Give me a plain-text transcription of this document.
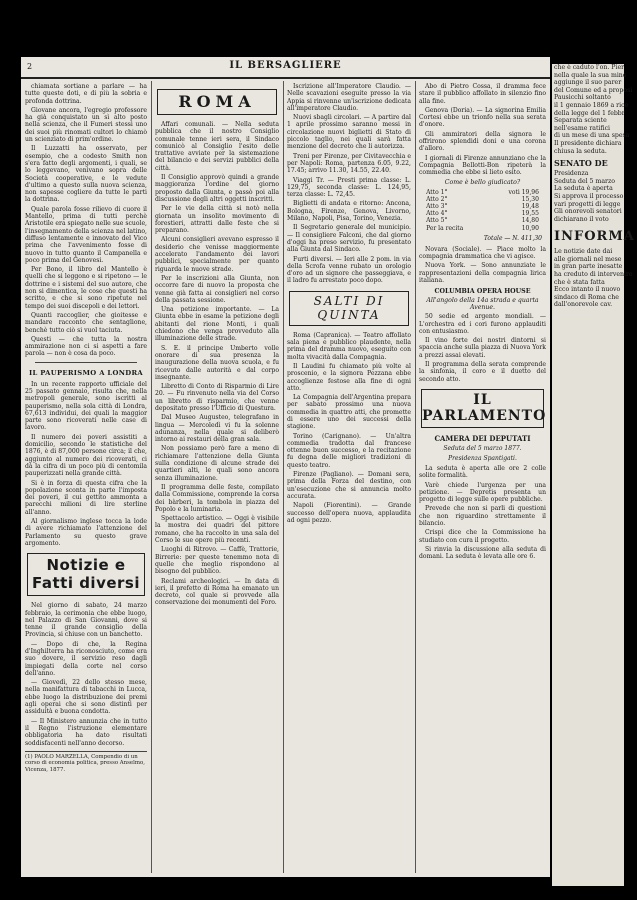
2	IL BERSAGLIERE

chiamata sortiane a parlare — ha tutte queste doti, e di più la sobria e profonda dottrina.

Giovane ancora, l'egregio professore ha già conquistato un sì alto posto nella scienza, che il Fumeri stessi uno dei suoi più rinomati cultori lo chiamò un scienziato di prim'ordine.

Il Luzzatti ha osservato, per esempio, che a codesto Smith non s'era fatto degli argomenti, i quali, se lo leggevano, venivano sopra delle Società cooperative, e le vedute d'ultimo a questo sulla nuova scienza, non sapesse cogliere da tutte le parti la dottrina.

Quale parola fosse rilievo di cuore il Mantello, prima di tutti perchè Aristotile era spiegato nelle sue scuole, l'insegnamento della scienza nel latino, diffuso lentamente e innovato del Vico prima che l'avvenimento fosse di nuovo in tutto quanto il Campanella e poco prima del Genovesi.

Per Bono, il libro del Mantello è quelli che si leggono e si ripetono — le dottrine e i sistemi del suo autore, che non si dimentica, le cose che questi ha scritto, e che si sono ripetute nel tempo dei suoi discepoli e dei lettori.

Quanti raccoglier, che gioitesse e mandare racconto che sentaglione, benchè tutto ciò si vuol taciuta.

Questi — che tutta la nostra ammirazione non ci si aspetti a fare parola — non è cosa da poco.

IL PAUPERISMO A LONDRA

In un recente rapporto ufficiale del 25 passato gennaio, risulta che, nella metropoli generale, sono iscritti al pauperismo, nella sola città di Londra, 67,613 individui, dei quali la maggior parte sono ricoverati nelle case di lavoro.

Il numero dei poveri assistiti a domicilio, secondo le statistiche del 1876, è di 87,000 persone circa; il che, aggiunto al numero dei ricoverati, ci dà la cifra di un poco più di centomila pauperizzati nella grande città.

Si è in forza di questa cifra che la popolazione sconta in parte l'imposta dei poveri, il cui gettito ammonta a parecchi milioni di lire sterline all'anno.

Al giornalismo inglese tocca la lode di avere richiamato l'attenzione del Parlamento su questo grave argomento.

Notizie e Fatti diversi

Nel giorno di sabato, 24 marzo febbraio, la cerimonia che ebbe luogo, nel Palazzo di San Giovanni, dove si tenne il grande consiglio della Provincia, si chiuse con un banchetto.

— Dopo di che, la Regina d'Inghilterra ha riconosciuto, come era suo dovere, il servizio reso dagli impiegati della corte nel corso dell'anno.

— Giovedì, 22 dello stesso mese, nella manifattura di tabacchi in Lucca, ebbe luogo la distribuzione dei premi agli operai che si sono distinti per assiduità e buona condotta.

— Il Ministero annunzia che in tutto il Regno l'istruzione elementare obbligatoria ha dato risultati soddisfacenti nell'anno decorso.

(1) PAOLO MARZELLA, Compendio di un corso di economia politica, presso Anselmo, Vicenza, 1877.
ROMA

Affari comunali. — Nella seduta pubblica che il nostro Consiglio comunale tenne ieri sera, il Sindaco comunicò al Consiglio l'esito delle trattative avviate per la sistemazione del bilancio e dei servizi pubblici della città.

Il Consiglio approvò quindi a grande maggioranza l'ordine del giorno proposto dalla Giunta, e passò poi alla discussione degli altri oggetti inscritti.

Per le vie della città si notò nella giornata un insolito movimento di forestieri, attratti dalle feste che si preparano.

Alcuni consiglieri avevano espresso il desiderio che venisse maggiormente accelerato l'andamento dei lavori pubblici, specialmente per quanto riguarda le nuove strade.

Per le inscrizioni alla Giunta, non occorre fare di nuovo la proposta che venne già fatta ai consiglieri nel corso della passata sessione.

Una petizione importante. — La Giunta ebbe in esame la petizione degli abitanti del rione Monti, i quali chiedono che venga provveduto alla illuminazione delle strade.

S. E. il principe Umberto volle onorare di sua presenza la inaugurazione della nuova scuola, e fu ricevuto dalle autorità e dal corpo insegnante.

Libretto di Conto di Risparmio di Lire 20. — Fu rinvenuto nella via del Corso un libretto di risparmio, che venne depositato presso l'Ufficio di Questura.

Dal Museo Augusteo, telegrafano in lingua — Mercoledì vi fu la solenne adunanza, nella quale si deliberò intorno ai restauri della gran sala.

Non possiamo però fare a meno di richiamare l'attenzione della Giunta sulla condizione di alcune strade dei quartieri alti, le quali sono ancora senza illuminazione.

Il programma delle feste, compilato dalla Commissione, comprende la corsa dei bàrberi, la tombola in piazza del Popolo e la luminaria.

Spettacolo artistico. — Oggi è visibile la mostra dei quadri del pittore romano, che ha raccolto in una sala del Corso le sue opere più recenti.

Luoghi di Ritrovo. — Caffè, Trattorie, Birrerie: per queste tenemmo nota di quelle che meglio rispondono al bisogno del pubblico.

Reclami archeologici. — In data di ieri, il prefetto di Roma ha emanato un decreto, col quale si provvede alla conservazione dei monumenti del Foro.

Iscrizione all'Imperatore Claudio. — Nelle scavazioni eseguite presso la via Appia si rinvenne un'iscrizione dedicata all'imperatore Claudio.

Nuovi sbagli circolari. — A partire dal 1 aprile prossimo saranno messi in circolazione nuovi biglietti di Stato di piccolo taglio, nei quali sarà fatta menzione del decreto che li autorizza.

Treni per Firenze, per Civitavecchia e per Napoli: Roma, partenza 6.05, 9.22, 17.45; arrivo 11.30, 14.55, 22.40.

Viaggi Tr. — Presti prima classe: L. 129,75, seconda classe: L. 124,95, terza classe: L. 72,45.

Biglietti di andata e ritorno: Ancona, Bologna, Firenze, Genova, Livorno, Milano, Napoli, Pisa, Torino, Venezia.

Il Segretario generale del municipio. — Il consigliere Falconi, che dal giorno d'oggi ha preso servizio, fu presentato alla Giunta dal Sindaco.

Furti diversi. — Ieri alle 2 pom. in via della Scrofa venne rubato un orologio d'oro ad un signore che passeggiava, e il ladro fu arrestato poco dopo.

SALTI DI QUINTA

Roma (Capranica). — Teatro affollato sala piena e pubblico plaudente, nella prima del dramma nuovo, eseguito con molta vivacità dalla Compagnia.

Il Laudini fu chiamato più volte al proscenio, e la signora Pezzana ebbe accoglienze festose alla fine di ogni atto.

La Compagnia dell'Argentina prepara per sabato prossimo una nuova commedia in quattro atti, che promette di essere uno dei successi della stagione.

Torino (Carignano). — Un'altra commedia tradotta dal francese ottenne buon successo, e la recitazione fu degna delle migliori tradizioni di questo teatro.

Firenze (Pagliano). — Domani sera, prima della Forza del destino, con un'esecuzione che si annuncia molto accurata.

Napoli (Fiorentini). — Grande successo dell'opera nuova, applaudita ad ogni pezzo.

Abo di Pietro Cossa, il dramma fece stare il pubblico affollato in silenzio fino alla fine.

Genova (Doria). — La signorina Emilia Cortesi ebbe un trionfo nella sua serata d'onore.

Gli ammiratori della signora le offrirono splendidi doni e una corona d'alloro.

I giornali di Firenze annunziano che la Compagnia Bellotti-Bon ripeterà la commedia che ebbe sì lieto esito.

Come è bello giudicato?
Atto 1°	voti 19,96
Atto 2°	15,30
Atto 3°	19,48
Atto 4°	19,55
Atto 5°	14,80
Per la recita	10,90
Totale — N. 411,30

Novara (Sociale). — Piace molto la compagnia drammatica che vi agisce.

Nuova York. — Sono annunziate le rappresentazioni della compagnia lirica italiana.

COLUMBIA OPERA HOUSE
All'angolo della 14a strada e quarta Avenue.

50 sedie ed argento mondiali. — L'orchestra ed i cori furono applauditi con entusiasmo.

Il vino forte dei nostri dintorni si spaccia anche sulla piazza di Nuova York a prezzi assai elevati.

Il programma della serata comprende la sinfonia, il coro e il duetto del secondo atto.

IL PARLAMENTO
CAMERA DEI DEPUTATI
Seduta del 5 marzo 1877.
Presidenza Spantigati.

La seduta è aperta alle ore 2 colle solite formalità.

Varè chiede l'urgenza per una petizione. — Depretis presenta un progetto di legge sulle opere pubbliche.

Prevede che non si parli di questioni che non riguardino strettamente il bilancio.

Crispi dice che la Commissione ha studiato con cura il progetto.

Si rinvia la discussione alla seduta di domani. La seduta è levata alle ore 6.

che è caduto l'on. Pier
nella quale la sua mine
aggiunge il suo parer
del Comune ed a proposi
Pausicchi soltanto
il 1 gennaio 1869 a rice
della legge del 1 febbr
Separata sciente
nell'esame ratifici
di un mese di una spesa
Il presidente dichiara
chiusa la seduta.
SENATO DE
Presidenza
Seduta del 5 marzo
La seduta è aperta
Si approva il processo
vari progetti di legge
Gli onorevoli senatori
dichiarano il voto
INFORMA
Le notizie date dai
alle giornali nel mese
in gran parte inesatte
ha creduto di intervenire
che è stata fatta
Ecco intanto il nuovo
sindaco di Roma che
dall'onorevole cav.
